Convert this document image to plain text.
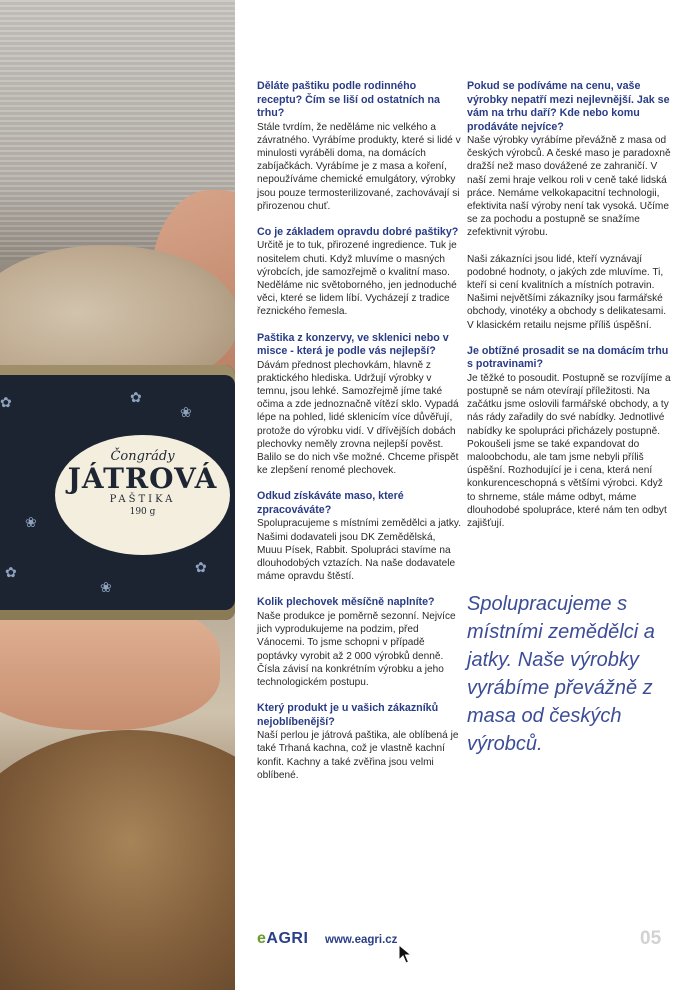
✿
❀
✿
❀
✿
❀
✿
Čongrády
JÁTROVÁ
PAŠTIKA
190 g

Děláte paštiku podle rodinného receptu? Čím se liší od ostatních na trhu?

Stále tvrdím, že neděláme nic velkého a závratného. Vyrábíme produkty, které si lidé v minulosti vyráběli doma, na domácích zabíjačkách. Vyrábíme je z masa a koření, nepoužíváme chemické emulgátory, výrobky jsou pouze termosterilizované, zachovávají si přirozenou chuť.

Co je základem opravdu dobré paštiky?

Určitě je to tuk, přirozené ingredience. Tuk je nositelem chuti. Když mluvíme o masných výrobcích, jde samozřejmě o kvalitní maso. Neděláme nic světoborného, jen jednoduché věci, které se lidem líbí. Vycházejí z tradice řeznického řemesla.

Paštika z konzervy, ve sklenici nebo v misce - která je podle vás nejlepší?

Dávám přednost plechovkám, hlavně z praktického hlediska. Udržují výrobky v temnu, jsou lehké. Samozřejmě jíme také očima a zde jednoznačně vítězí sklo. Vypadá lépe na pohled, lidé sklenicím více důvěřují, protože do výrobku vidí. V dřívějších dobách plechovky neměly zrovna nejlepší pověst. Balilo se do nich vše možné. Chceme přispět ke zlepšení renomé plechovek.

Odkud získáváte maso, které zpracováváte?

Spolupracujeme s místními zemědělci a jatky. Našimi dodavateli jsou DK Zemědělská, Muuu Písek, Rabbit. Spolupráci stavíme na dlouhodobých vztazích. Na naše dodavatele máme opravdu štěstí.

Kolik plechovek měsíčně naplníte?

Naše produkce je poměrně sezonní. Nejvíce jich vyprodukujeme na podzim, před Vánocemi. To jsme schopni v případě poptávky vyrobit až 2 000 výrobků denně. Čísla závisí na konkrétním výrobku a jeho technologickém postupu.

Který produkt je u vašich zákazníků nejoblíbenější?

Naší perlou je játrová paštika, ale oblíbená je také Trhaná kachna, což je vlastně kachní konfit. Kachny a také zvěřina jsou velmi oblíbené.

Pokud se podíváme na cenu, vaše výrobky nepatří mezi nejlevnější. Jak se vám na trhu daří? Kde nebo komu prodáváte nejvíce?

Naše výrobky vyrábíme převážně z masa od českých výrobců. A české maso je paradoxně dražší než maso dovážené ze zahraničí. V naší zemi hraje velkou roli v ceně také lidská práce. Nemáme velkokapacitní technologii, efektivita naší výroby není tak vysoká. Učíme se za pochodu a postupně se snažíme zefektivnit výrobu.

Naši zákazníci jsou lidé, kteří vyznávají podobné hodnoty, o jakých zde mluvíme. Ti, kteří si cení kvalitních a místních potravin. Našimi největšími zákazníky jsou farmářské obchody, vinotéky a obchody s delikatesami. V klasickém retailu nejsme příliš úspěšní.

Je obtížné prosadit se na domácím trhu s potravinami?

Je těžké to posoudit. Postupně se rozvíjíme a postupně se nám otevírají příležitosti. Na začátku jsme oslovili farmářské obchody, a ty nás rády zařadily do své nabídky. Jednotlivé nabídky ke spolupráci přicházely postupně. Pokoušeli jsme se také expandovat do maloobchodu, ale tam jsme nebyli příliš úspěšní. Rozhodující je i cena, která není konkurenceschopná s většími výrobci. Když to shrneme, stále máme odbyt, máme dlouhodobé spolupráce, které nám ten odbyt zajišťují.

Spolupracujeme s místními zemědělci a jatky. Naše výrobky vyrábíme převážně z masa od českých výrobců.
eAGRI www.eagri.cz	05
